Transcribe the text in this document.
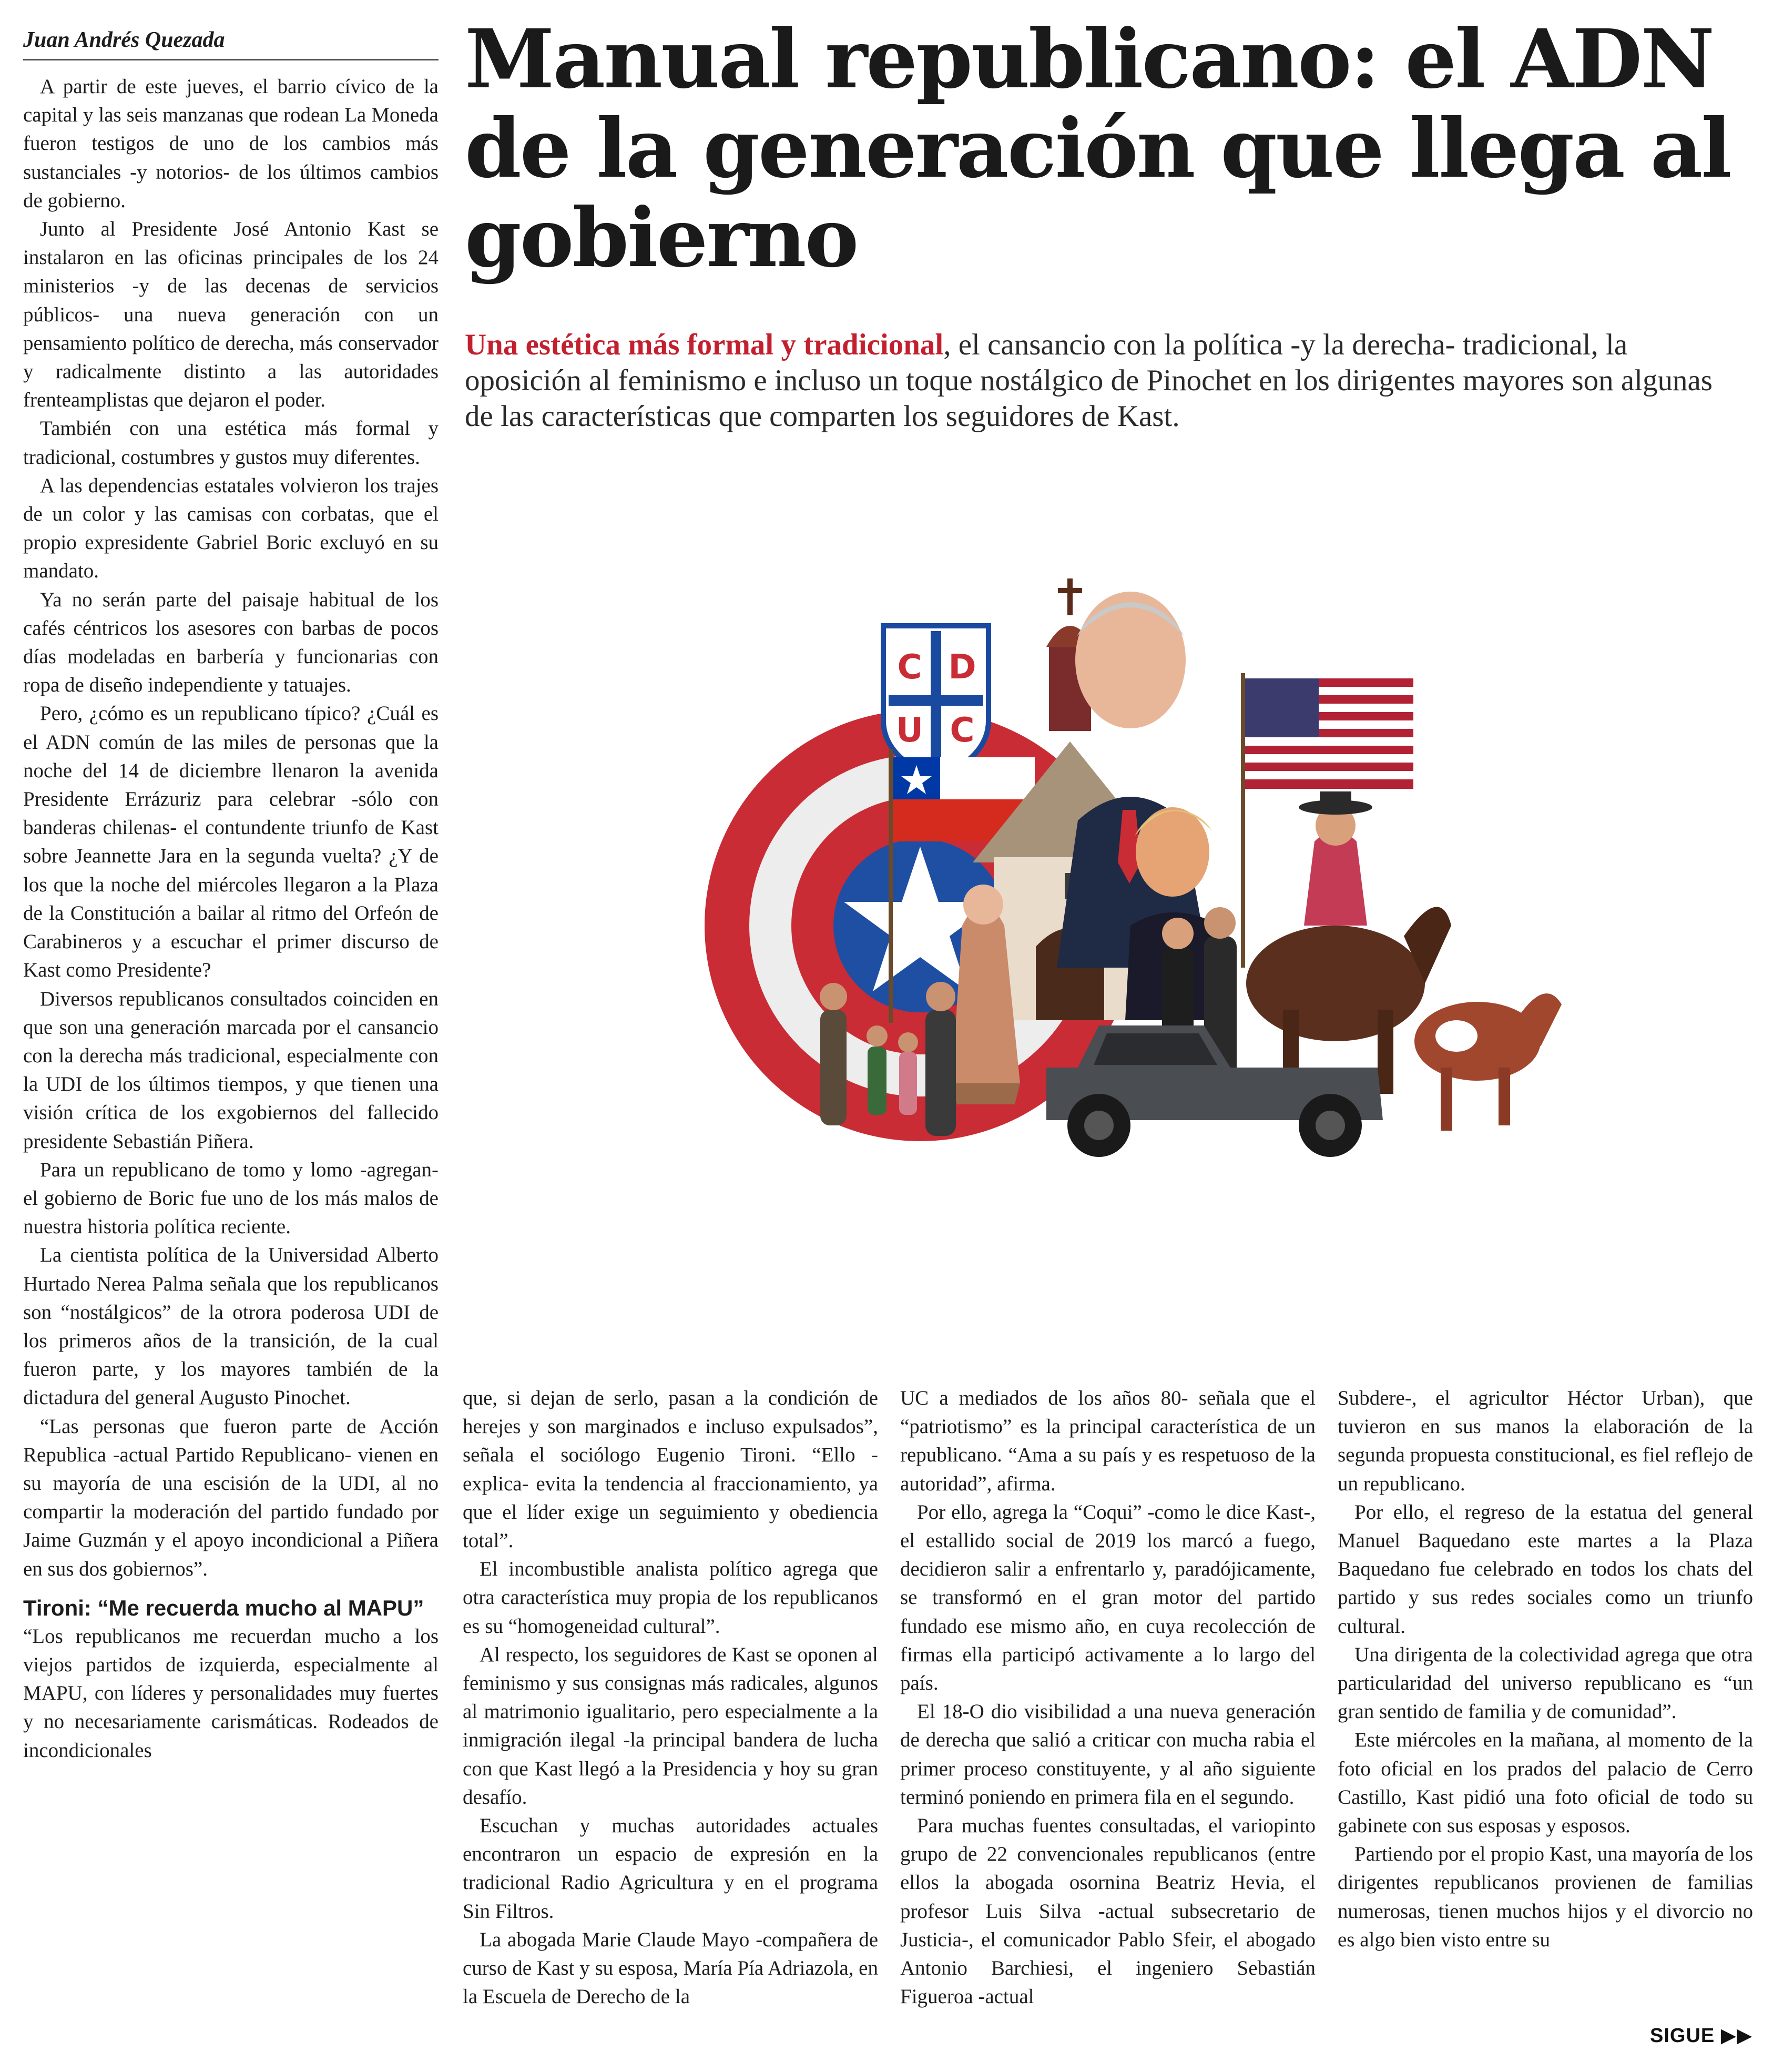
Juan Andrés Quezada	Manual republicano: el ADN de la generación que llega al gobierno

Una estética más formal y tradicional, el cansancio con la política -y la derecha- tradicional, la oposición al feminismo e incluso un toque nostálgico de Pinochet en los dirigentes mayores son algunas de las características que comparten los seguidores de Kast.

A partir de este jueves, el barrio cívico de la capital y las seis manzanas que rodean La Moneda fueron testigos de uno de los cambios más sustanciales -y notorios- de los últimos cambios de gobierno.

Junto al Presidente José Antonio Kast se instalaron en las oficinas principales de los 24 ministerios -y de las decenas de servicios públicos- una nueva generación con un pensamiento político de derecha, más conservador y radicalmente distinto a las autoridades frenteamplistas que dejaron el poder.

También con una estética más formal y tradicional, costumbres y gustos muy diferentes.

A las dependencias estatales volvieron los trajes de un color y las camisas con corbatas, que el propio expresidente Gabriel Boric excluyó en su mandato.

Ya no serán parte del paisaje habitual de los cafés céntricos los asesores con barbas de pocos días modeladas en barbería y funcionarias con ropa de diseño independiente y tatuajes.

Pero, ¿cómo es un republicano típico? ¿Cuál es el ADN común de las miles de personas que la noche del 14 de diciembre llenaron la avenida Presidente Errázuriz para celebrar -sólo con banderas chilenas- el contundente triunfo de Kast sobre Jeannette Jara en la segunda vuelta? ¿Y de los que la noche del miércoles llegaron a la Plaza de la Constitución a bailar al ritmo del Orfeón de Carabineros y a escuchar el primer discurso de Kast como Presidente?

Diversos republicanos consultados coinciden en que son una generación marcada por el cansancio con la derecha más tradicional, especialmente con la UDI de los últimos tiempos, y que tienen una visión crítica de los exgobiernos del fallecido presidente Sebastián Piñera.

Para un republicano de tomo y lomo -agregan- el gobierno de Boric fue uno de los más malos de nuestra historia política reciente.

La cientista política de la Universidad Alberto Hurtado Nerea Palma señala que los republicanos son “nostálgicos” de la otrora poderosa UDI de los primeros años de la transición, de la cual fueron parte, y los mayores también de la dictadura del general Augusto Pinochet.

“Las personas que fueron parte de Acción Republica -actual Partido Republicano- vienen en su mayoría de una escisión de la UDI, al no compartir la moderación del partido fundado por Jaime Guzmán y el apoyo incondicional a Piñera en sus dos gobiernos”.

Tironi: “Me recuerda mucho al MAPU”

“Los republicanos me recuerdan mucho a los viejos partidos de izquierda, especialmente al MAPU, con líderes y personalidades muy fuertes y no necesariamente carismáticas. Rodeados de incondicionales

C D
U C

que, si dejan de serlo, pasan a la condición de herejes y son marginados e incluso expulsados”, señala el sociólogo Eugenio Tironi. “Ello -explica- evita la tendencia al fraccionamiento, ya que el líder exige un seguimiento y obediencia total”.

El incombustible analista político agrega que otra característica muy propia de los republicanos es su “homogeneidad cultural”.

Al respecto, los seguidores de Kast se oponen al feminismo y sus consignas más radicales, algunos al matrimonio igualitario, pero especialmente a la inmigración ilegal -la principal bandera de lucha con que Kast llegó a la Presidencia y hoy su gran desafío.

Escuchan y muchas autoridades actuales encontraron un espacio de expresión en la tradicional Radio Agricultura y en el programa Sin Filtros.

La abogada Marie Claude Mayo -compañera de curso de Kast y su esposa, María Pía Adriazola, en la Escuela de Derecho de la

UC a mediados de los años 80- señala que el “patriotismo” es la principal característica de un republicano. “Ama a su país y es respetuoso de la autoridad”, afirma.

Por ello, agrega la “Coqui” -como le dice Kast-, el estallido social de 2019 los marcó a fuego, decidieron salir a enfrentarlo y, paradójicamente, se transformó en el gran motor del partido fundado ese mismo año, en cuya recolección de firmas ella participó activamente a lo largo del país.

El 18-O dio visibilidad a una nueva generación de derecha que salió a criticar con mucha rabia el primer proceso constituyente, y al año siguiente terminó poniendo en primera fila en el segundo.

Para muchas fuentes consultadas, el variopinto grupo de 22 convencionales republicanos (entre ellos la abogada osornina Beatriz Hevia, el profesor Luis Silva -actual subsecretario de Justicia-, el comunicador Pablo Sfeir, el abogado Antonio Barchiesi, el ingeniero Sebastián Figueroa -actual

Subdere-, el agricultor Héctor Urban), que tuvieron en sus manos la elaboración de la segunda propuesta constitucional, es fiel reflejo de un republicano.

Por ello, el regreso de la estatua del general Manuel Baquedano este martes a la Plaza Baquedano fue celebrado en todos los chats del partido y sus redes sociales como un triunfo cultural.

Una dirigenta de la colectividad agrega que otra particularidad del universo republicano es “un gran sentido de familia y de comunidad”.

Este miércoles en la mañana, al momento de la foto oficial en los prados del palacio de Cerro Castillo, Kast pidió una foto oficial de todo su gabinete con sus esposas y esposos.

Partiendo por el propio Kast, una mayoría de los dirigentes republicanos provienen de familias numerosas, tienen muchos hijos y el divorcio no es algo bien visto entre su

SIGUE ▶▶
